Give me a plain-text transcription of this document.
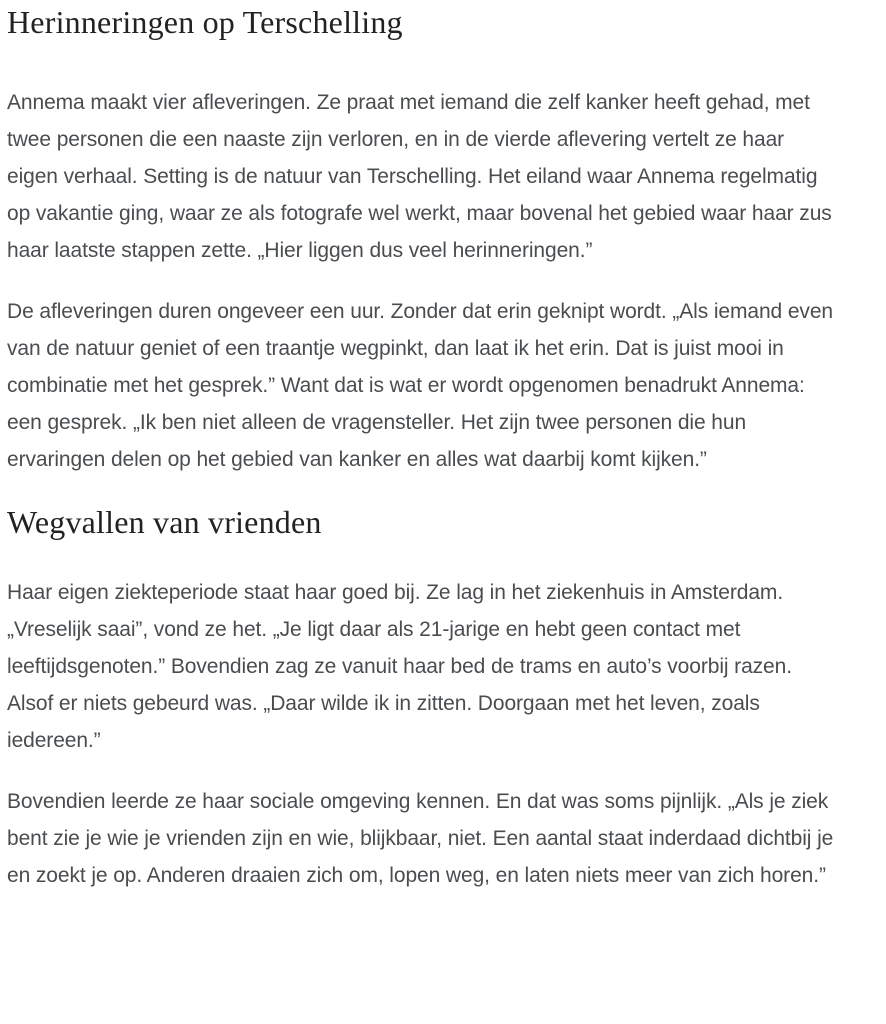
Herinneringen op Terschelling

Annema maakt vier afleveringen. Ze praat met iemand die zelf kanker heeft gehad, met twee personen die een naaste zijn verloren, en in de vierde aflevering vertelt ze haar eigen verhaal. Setting is de natuur van Terschelling. Het eiland waar Annema regelmatig op vakantie ging, waar ze als fotografe wel werkt, maar bovenal het gebied waar haar zus haar laatste stappen zette. „Hier liggen dus veel herinneringen.”

De afleveringen duren ongeveer een uur. Zonder dat erin geknipt wordt. „Als iemand even van de natuur geniet of een traantje wegpinkt, dan laat ik het erin. Dat is juist mooi in combinatie met het gesprek.” Want dat is wat er wordt opgenomen benadrukt Annema: een gesprek. „Ik ben niet alleen de vragensteller. Het zijn twee personen die hun ervaringen delen op het gebied van kanker en alles wat daarbij komt kijken.”

Wegvallen van vrienden

Haar eigen ziekteperiode staat haar goed bij. Ze lag in het ziekenhuis in Amsterdam. „Vreselijk saai”, vond ze het. „Je ligt daar als 21-jarige en hebt geen contact met leeftijdsgenoten.” Bovendien zag ze vanuit haar bed de trams en auto’s voorbij razen. Alsof er niets gebeurd was. „Daar wilde ik in zitten. Doorgaan met het leven, zoals iedereen.”

Bovendien leerde ze haar sociale omgeving kennen. En dat was soms pijnlijk. „Als je ziek bent zie je wie je vrienden zijn en wie, blijkbaar, niet. Een aantal staat inderdaad dichtbij je en zoekt je op. Anderen draaien zich om, lopen weg, en laten niets meer van zich horen.”
